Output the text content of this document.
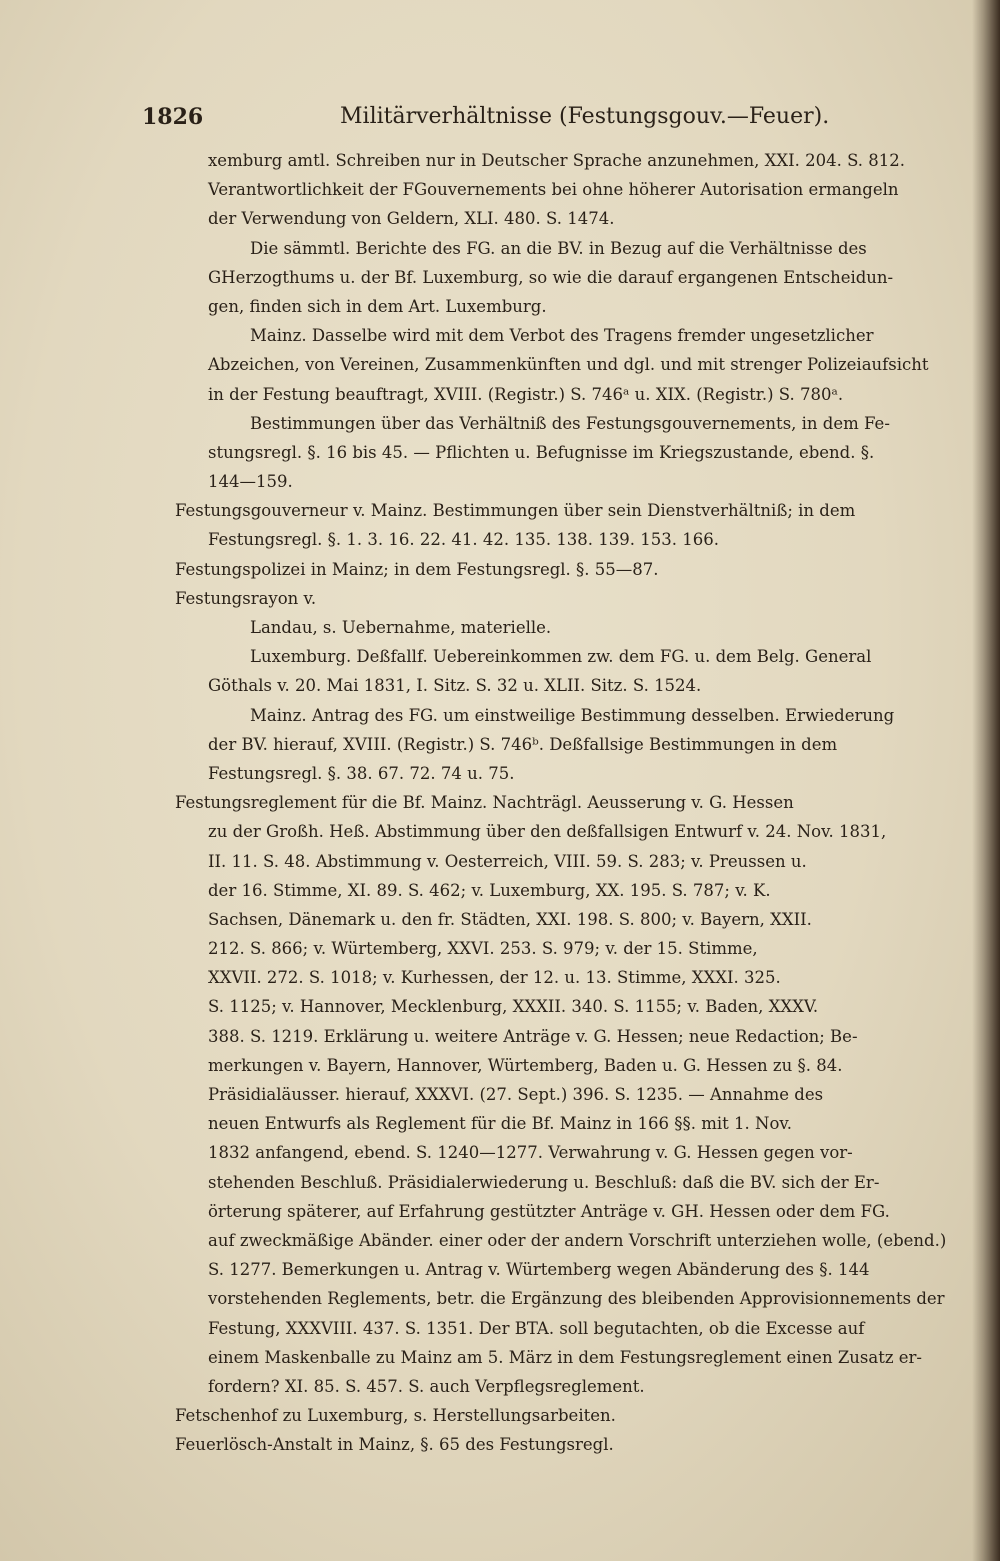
1826	Militärverhältnisse (Festungsgouv.—Feuer).
xemburg amtl. Schreiben nur in Deutscher Sprache anzunehmen, XXI. 204. S. 812.
Verantwortlichkeit der FGouvernements bei ohne höherer Autorisation ermangeln
der Verwendung von Geldern, XLI. 480. S. 1474.
Die sämmtl. Berichte des FG. an die BV. in Bezug auf die Verhältnisse des
GHerzogthums u. der Bf. Luxemburg, so wie die darauf ergangenen Entscheidun-
gen, finden sich in dem Art. Luxemburg.
Mainz. Dasselbe wird mit dem Verbot des Tragens fremder ungesetzlicher
Abzeichen, von Vereinen, Zusammenkünften und dgl. und mit strenger Polizeiaufsicht
in der Festung beauftragt, XVIII. (Registr.) S. 746ᵃ u. XIX. (Registr.) S. 780ᵃ.
Bestimmungen über das Verhältniß des Festungsgouvernements, in dem Fe-
stungsregl. §. 16 bis 45. — Pflichten u. Befugnisse im Kriegszustande, ebend. §.
144—159.
Festungsgouverneur v. Mainz. Bestimmungen über sein Dienstverhältniß; in dem
Festungsregl. §. 1. 3. 16. 22. 41. 42. 135. 138. 139. 153. 166.
Festungspolizei in Mainz; in dem Festungsregl. §. 55—87.
Festungsrayon v.
Landau, s. Uebernahme, materielle.
Luxemburg. Deßfallf. Uebereinkommen zw. dem FG. u. dem Belg. General
Göthals v. 20. Mai 1831, I. Sitz. S. 32 u. XLII. Sitz. S. 1524.
Mainz. Antrag des FG. um einstweilige Bestimmung desselben. Erwiederung
der BV. hierauf, XVIII. (Registr.) S. 746ᵇ. Deßfallsige Bestimmungen in dem
Festungsregl. §. 38. 67. 72. 74 u. 75.
Festungsreglement für die Bf. Mainz. Nachträgl. Aeusserung v. G. Hessen
zu der Großh. Heß. Abstimmung über den deßfallsigen Entwurf v. 24. Nov. 1831,
II. 11. S. 48. Abstimmung v. Oesterreich, VIII. 59. S. 283; v. Preussen u.
der 16. Stimme, XI. 89. S. 462; v. Luxemburg, XX. 195. S. 787; v. K.
Sachsen, Dänemark u. den fr. Städten, XXI. 198. S. 800; v. Bayern, XXII.
212. S. 866; v. Würtemberg, XXVI. 253. S. 979; v. der 15. Stimme,
XXVII. 272. S. 1018; v. Kurhessen, der 12. u. 13. Stimme, XXXI. 325.
S. 1125; v. Hannover, Mecklenburg, XXXII. 340. S. 1155; v. Baden, XXXV.
388. S. 1219. Erklärung u. weitere Anträge v. G. Hessen; neue Redaction; Be-
merkungen v. Bayern, Hannover, Würtemberg, Baden u. G. Hessen zu §. 84.
Präsidialäusser. hierauf, XXXVI. (27. Sept.) 396. S. 1235. — Annahme des
neuen Entwurfs als Reglement für die Bf. Mainz in 166 §§. mit 1. Nov.
1832 anfangend, ebend. S. 1240—1277. Verwahrung v. G. Hessen gegen vor-
stehenden Beschluß. Präsidialerwiederung u. Beschluß: daß die BV. sich der Er-
örterung späterer, auf Erfahrung gestützter Anträge v. GH. Hessen oder dem FG.
auf zweckmäßige Abänder. einer oder der andern Vorschrift unterziehen wolle, (ebend.)
S. 1277. Bemerkungen u. Antrag v. Würtemberg wegen Abänderung des §. 144
vorstehenden Reglements, betr. die Ergänzung des bleibenden Approvisionnements der
Festung, XXXVIII. 437. S. 1351. Der BTA. soll begutachten, ob die Excesse auf
einem Maskenballe zu Mainz am 5. März in dem Festungsreglement einen Zusatz er-
fordern? XI. 85. S. 457. S. auch Verpflegsreglement.
Fetschenhof zu Luxemburg, s. Herstellungsarbeiten.
Feuerlösch-Anstalt in Mainz, §. 65 des Festungsregl.
